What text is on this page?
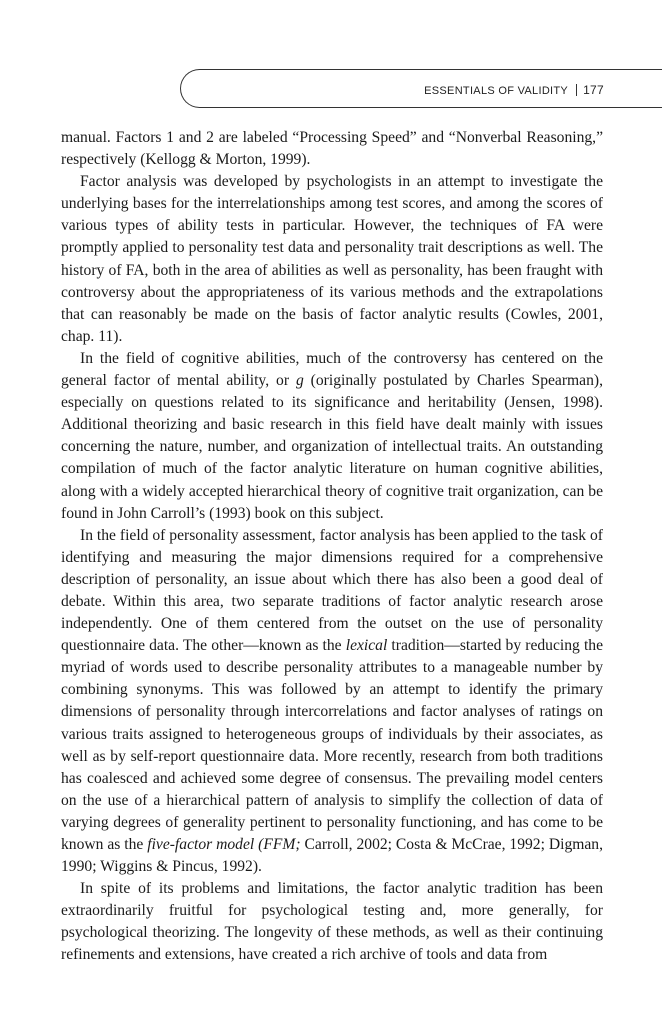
ESSENTIALS OF VALIDITY 177

manual. Factors 1 and 2 are labeled “Processing Speed” and “Nonverbal Reasoning,” respectively (Kellogg & Morton, 1999).

Factor analysis was developed by psychologists in an attempt to investigate the underlying bases for the interrelationships among test scores, and among the scores of various types of ability tests in particular. However, the techniques of FA were promptly applied to personality test data and personality trait descriptions as well. The history of FA, both in the area of abilities as well as personality, has been fraught with controversy about the appropriateness of its various methods and the extrapolations that can reasonably be made on the basis of factor analytic results (Cowles, 2001, chap. 11).

In the field of cognitive abilities, much of the controversy has centered on the general factor of mental ability, or g (originally postulated by Charles Spearman), especially on questions related to its significance and heritability (Jensen, 1998). Additional theorizing and basic research in this field have dealt mainly with issues concerning the nature, number, and organization of intellectual traits. An outstanding compilation of much of the factor analytic literature on human cognitive abilities, along with a widely accepted hierarchical theory of cognitive trait organization, can be found in John Carroll’s (1993) book on this subject.

In the field of personality assessment, factor analysis has been applied to the task of identifying and measuring the major dimensions required for a comprehensive description of personality, an issue about which there has also been a good deal of debate. Within this area, two separate traditions of factor analytic research arose independently. One of them centered from the outset on the use of personality questionnaire data. The other—known as the lexical tradition—started by reducing the myriad of words used to describe personality attributes to a manageable number by combining synonyms. This was followed by an attempt to identify the primary dimensions of personality through intercorrelations and factor analyses of ratings on various traits assigned to heterogeneous groups of individuals by their associates, as well as by self-report questionnaire data. More recently, research from both traditions has coalesced and achieved some degree of consensus. The prevailing model centers on the use of a hierarchical pattern of analysis to simplify the collection of data of varying degrees of generality pertinent to personality functioning, and has come to be known as the five-factor model (FFM; Carroll, 2002; Costa & McCrae, 1992; Digman, 1990; Wiggins & Pincus, 1992).

In spite of its problems and limitations, the factor analytic tradition has been extraordinarily fruitful for psychological testing and, more generally, for psychological theorizing. The longevity of these methods, as well as their continuing refinements and extensions, have created a rich archive of tools and data from
